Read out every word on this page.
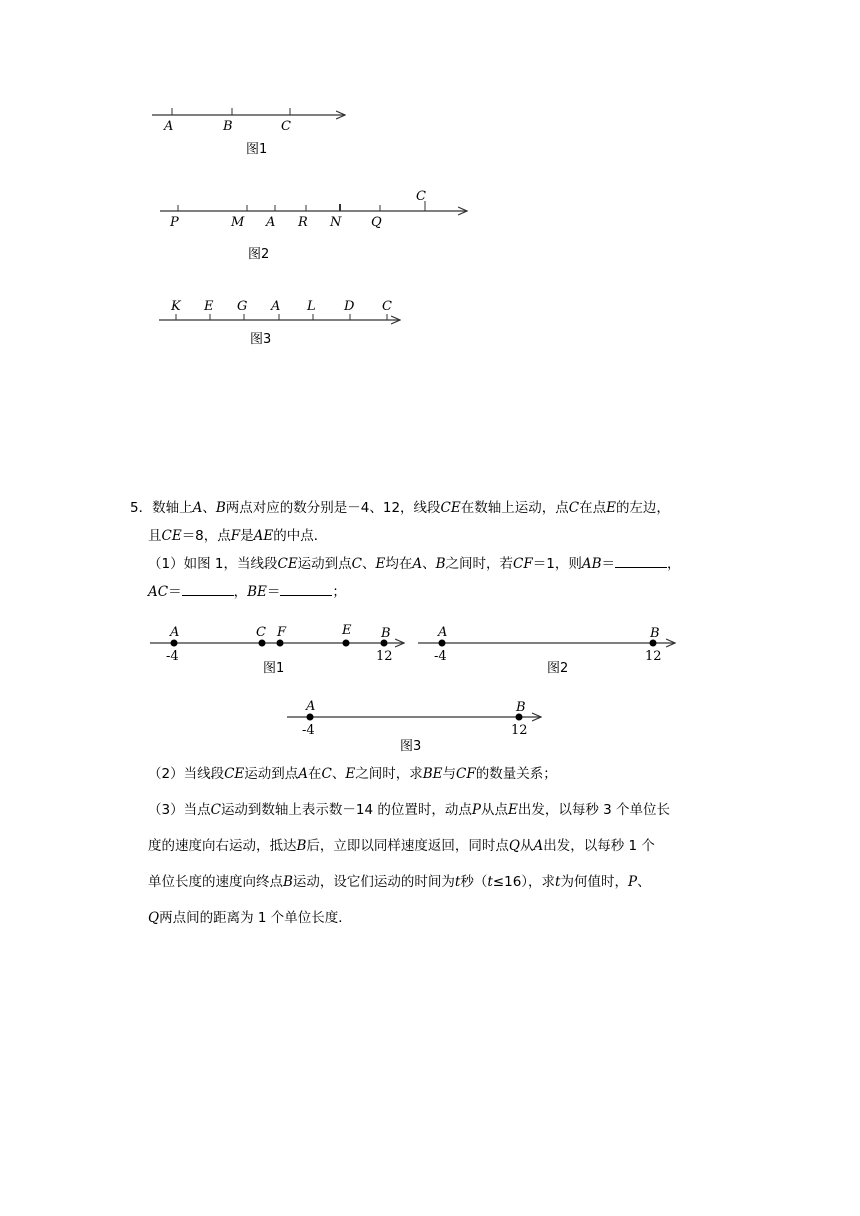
A	B	C
图1
P	M A R N Q
C
图2
K E G A L D C
图3
A	C F	E B
-4	12
图1
A	B
-4	12
图2
A	B
-4	12
图3

5．数轴上A、B两点对应的数分别是－4、12，线段CE在数轴上运动，点C在点E的左边，

且CE＝8，点F是AE的中点．

（1）如图 1，当线段CE运动到点C、E均在A、B之间时，若CF＝1，则AB＝	，

AC＝	，BE＝	；

（2）当线段CE运动到点A在C、E之间时，求BE与CF的数量关系；

（3）当点C运动到数轴上表示数－14 的位置时，动点P从点E出发，以每秒 3 个单位长

度的速度向右运动，抵达B后，立即以同样速度返回，同时点Q从A出发，以每秒 1 个

单位长度的速度向终点B运动，设它们运动的时间为t秒（t≤16），求t为何值时，P、

Q两点间的距离为 1 个单位长度．
